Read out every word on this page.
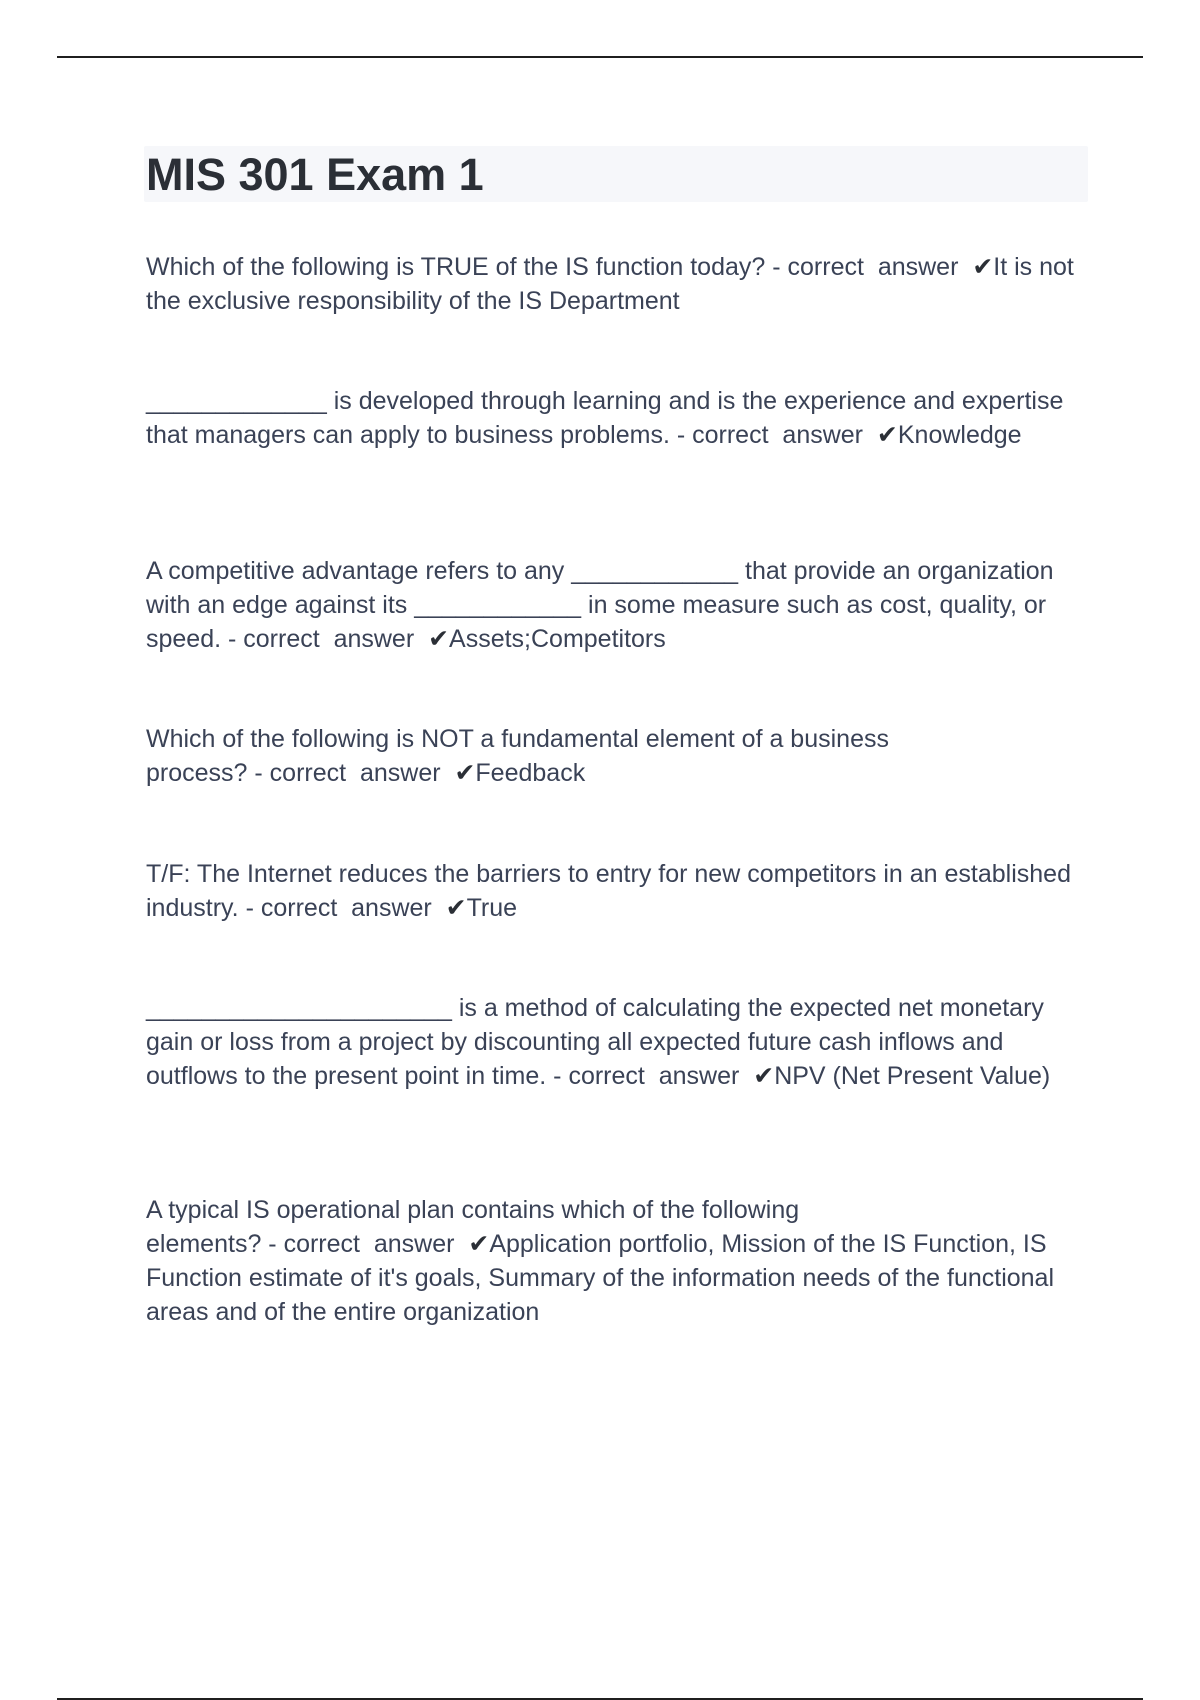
MIS 301 Exam 1
Which of the following is TRUE of the IS function today? - correct  answer  ✔It is not the exclusive responsibility of the IS Department
_____________ is developed through learning and is the experience and expertise that managers can apply to business problems. - correct  answer  ✔Knowledge
A competitive advantage refers to any ____________ that provide an organization with an edge against its ____________ in some measure such as cost, quality, or speed. - correct  answer  ✔Assets;Competitors
Which of the following is NOT a fundamental element of a business process? - correct  answer  ✔Feedback
T/F: The Internet reduces the barriers to entry for new competitors in an established industry. - correct  answer  ✔True
______________________ is a method of calculating the expected net monetary gain or loss from a project by discounting all expected future cash inflows and outflows to the present point in time. - correct  answer  ✔NPV (Net Present Value)
A typical IS operational plan contains which of the following elements? - correct  answer  ✔Application portfolio, Mission of the IS Function, IS Function estimate of it's goals, Summary of the information needs of the functional areas and of the entire organization
